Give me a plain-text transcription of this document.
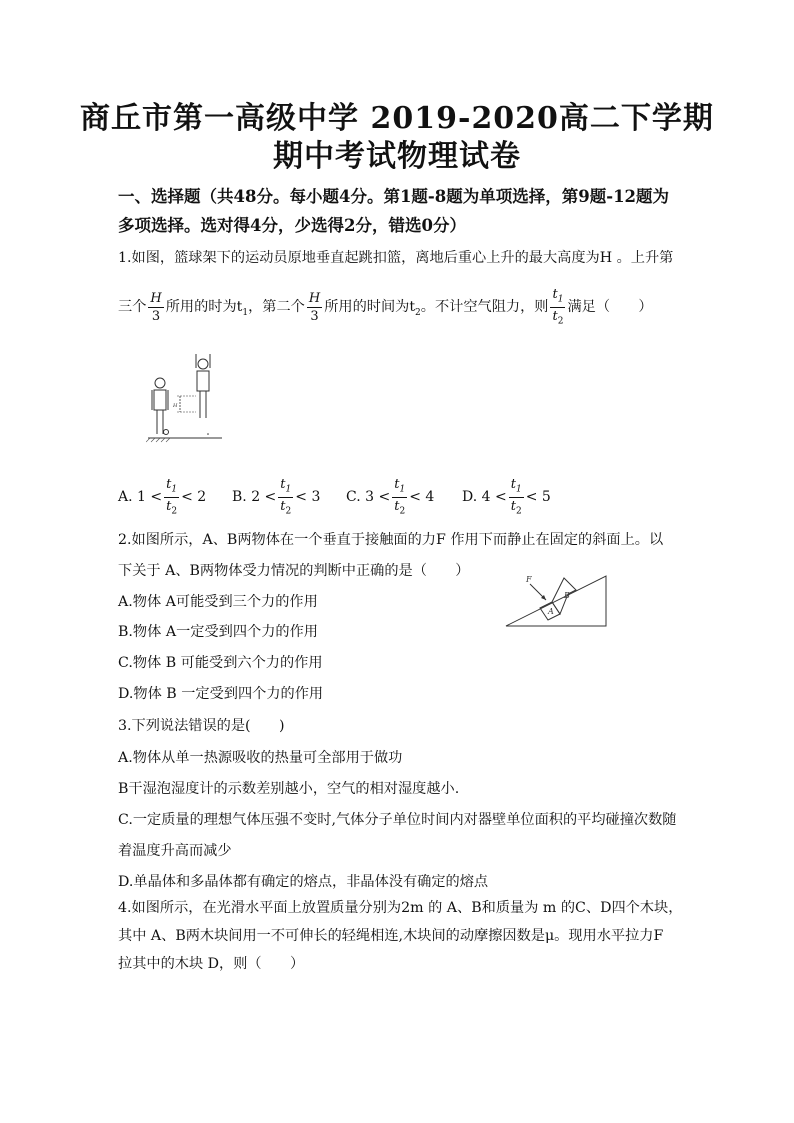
商丘市第一高级中学 2019-2020高二下学期
期中考试物理试卷
一、选择题（共48分。每小题4分。第1题-8题为单项选择，第9题-12题为
多项选择。选对得4分，少选得2分，错选0分）
1.如图，篮球架下的运动员原地垂直起跳扣篮，离地后重心上升的最大高度为H 。上升第
三个 $\frac{H}{3}$ 所用的时为$t_1$，第二个 $\frac{H}{3}$ 所用的时间为$t_2$。不计空气阻力，则 $\frac{t_1}{t_2}$ 满足（　　）
H
A. $1 < \frac{t_1}{t_2} < 2$ B. $2 < \frac{t_1}{t_2} < 3$ C. $3 < \frac{t_1}{t_2} < 4$ D. $4 < \frac{t_1}{t_2} < 5$
2.如图所示，A、B两物体在一个垂直于接触面的力F 作用下而静止在固定的斜面上。以
下关于 A、B两物体受力情况的判断中正确的是（　　）
A.物体 A可能受到三个力的作用
B.物体 A一定受到四个力的作用
C.物体 B 可能受到六个力的作用
D.物体 B 一定受到四个力的作用
F
A
B
3.下列说法错误的是(　　)
A.物体从单一热源吸收的热量可全部用于做功
B干湿泡湿度计的示数差别越小，空气的相对湿度越小.
C.一定质量的理想气体压强不变时,气体分子单位时间内对器壁单位面积的平均碰撞次数随
着温度升高而减少
D.单晶体和多晶体都有确定的熔点，非晶体没有确定的熔点
4.如图所示，在光滑水平面上放置质量分别为2m 的 A、B和质量为 m 的C、D四个木块，
其中 A、B两木块间用一不可伸长的轻绳相连,木块间的动摩擦因数是μ。现用水平拉力F
拉其中的木块 D，则（　　）
